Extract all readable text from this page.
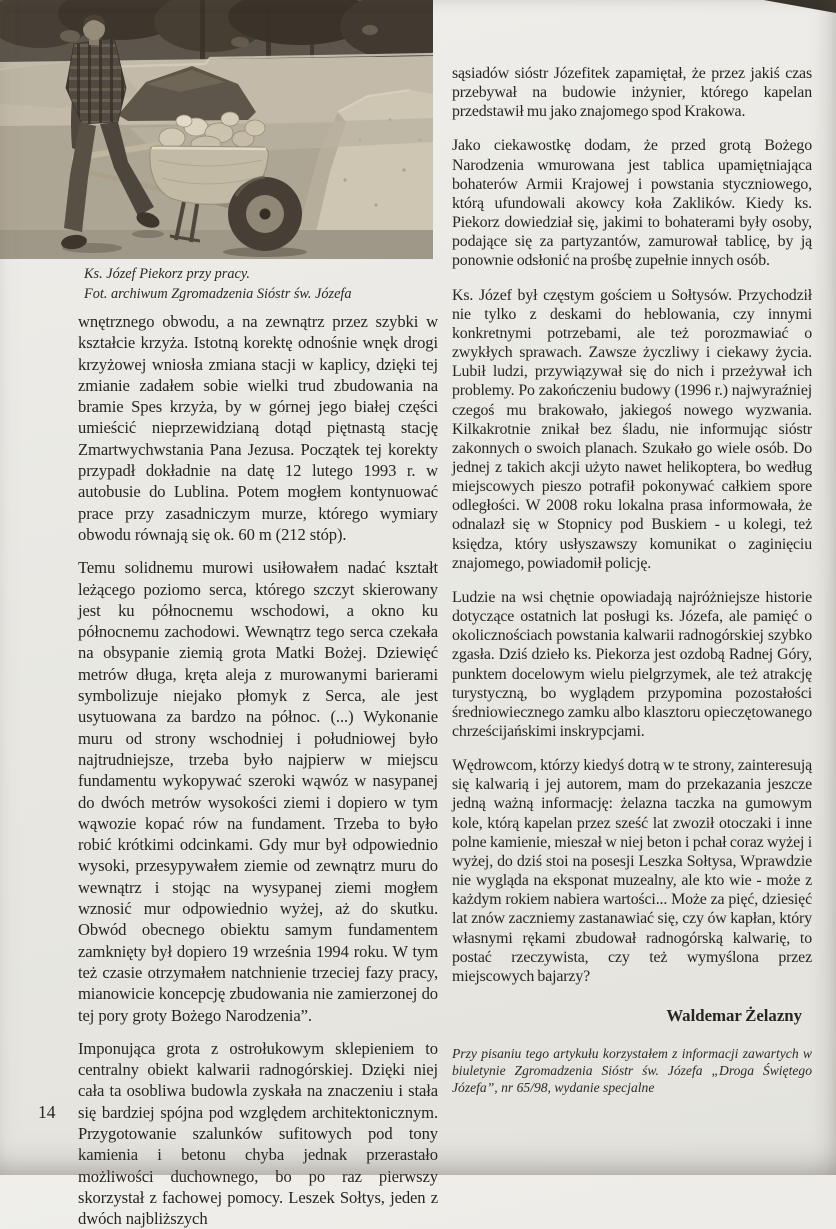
Ks. Józef Piekorz przy pracy.
Fot. archiwum Zgromadzenia Sióstr św. Józefa

wnętrznego obwodu, a na zewnątrz przez szybki w kształcie krzyża. Istotną korektę odnośnie wnęk drogi krzyżowej wniosła zmiana stacji w kaplicy, dzięki tej zmianie zadałem sobie wielki trud zbudowania na bramie Spes krzyża, by w górnej jego białej części umieścić nieprzewidzianą dotąd piętnastą stację Zmartwychwstania Pana Jezusa. Początek tej korekty przypadł dokładnie na datę 12 lutego 1993 r. w autobusie do Lublina. Potem mogłem kontynuować prace przy zasadniczym murze, którego wymiary obwodu równają się ok. 60 m (212 stóp).

Temu solidnemu murowi usiłowałem nadać kształt leżącego poziomo serca, którego szczyt skierowany jest ku północnemu wschodowi, a okno ku północnemu zachodowi. Wewnątrz tego serca czekała na obsypanie ziemią grota Matki Bożej. Dziewięć metrów długa, kręta aleja z murowanymi barierami symbolizuje niejako płomyk z Serca, ale jest usytuowana za bardzo na północ. (...) Wykonanie muru od strony wschodniej i południowej było najtrudniejsze, trzeba było najpierw w miejscu fundamentu wykopywać szeroki wąwóz w nasypanej do dwóch metrów wysokości ziemi i dopiero w tym wąwozie kopać rów na fundament. Trzeba to było robić krótkimi odcinkami. Gdy mur był odpowiednio wysoki, przesypywałem ziemie od zewnątrz muru do wewnątrz i stojąc na wysypanej ziemi mogłem wznosić mur odpowiednio wyżej, aż do skutku. Obwód obecnego obiektu samym fundamentem zamknięty był dopiero 19 września 1994 roku. W tym też czasie otrzymałem natchnienie trzeciej fazy pracy, mianowicie koncepcję zbudowania nie zamierzonej do tej pory groty Bożego Narodzenia”.

Imponująca grota z ostrołukowym sklepieniem to centralny obiekt kalwarii radnogórskiej. Dzięki niej cała ta osobliwa budowla zyskała na znaczeniu i stała się bardziej spójna pod względem architektonicznym. Przygotowanie szalunków sufitowych pod tony kamienia i betonu chyba jednak przerastało możliwości duchownego, bo po raz pierwszy skorzystał z fachowej pomocy. Leszek Sołtys, jeden z dwóch najbliższych

sąsiadów sióstr Józefitek zapamiętał, że przez jakiś czas przebywał na budowie inżynier, którego kapelan przedstawił mu jako znajomego spod Krakowa.

Jako ciekawostkę dodam, że przed grotą Bożego Narodzenia wmurowana jest tablica upamiętniająca bohaterów Armii Krajowej i powstania styczniowego, którą ufundowali akowcy koła Zaklików. Kiedy ks. Piekorz dowiedział się, jakimi to bohaterami były osoby, podające się za partyzantów, zamurował tablicę, by ją ponownie odsłonić na prośbę zupełnie innych osób.

Ks. Józef był częstym gościem u Sołtysów. Przychodził nie tylko z deskami do heblowania, czy innymi konkretnymi potrzebami, ale też porozmawiać o zwykłych sprawach. Zawsze życzliwy i ciekawy życia. Lubił ludzi, przywiązywał się do nich i przeżywał ich problemy. Po zakończeniu budowy (1996 r.) najwyraźniej czegoś mu brakowało, jakiegoś nowego wyzwania. Kilkakrotnie znikał bez śladu, nie informując sióstr zakonnych o swoich planach. Szukało go wiele osób. Do jednej z takich akcji użyto nawet helikoptera, bo według miejscowych pieszo potrafił pokonywać całkiem spore odległości. W 2008 roku lokalna prasa informowała, że odnalazł się w Stopnicy pod Buskiem - u kolegi, też księdza, który usłyszawszy komunikat o zaginięciu znajomego, powiadomił policję.

Ludzie na wsi chętnie opowiadają najróżniejsze historie dotyczące ostatnich lat posługi ks. Józefa, ale pamięć o okolicznościach powstania kalwarii radnogórskiej szybko zgasła. Dziś dzieło ks. Piekorza jest ozdobą Radnej Góry, punktem docelowym wielu pielgrzymek, ale też atrakcję turystyczną, bo wyglądem przypomina pozostałości średniowiecznego zamku albo klasztoru opieczętowanego chrześcijańskimi inskrypcjami.

Wędrowcom, którzy kiedyś dotrą w te strony, zainteresują się kalwarią i jej autorem, mam do przekazania jeszcze jedną ważną informację: żelazna taczka na gumowym kole, którą kapelan przez sześć lat zwoził otoczaki i inne polne kamienie, mieszał w niej beton i pchał coraz wyżej i wyżej, do dziś stoi na posesji Leszka Sołtysa, Wprawdzie nie wygląda na eksponat muzealny, ale kto wie - może z każdym rokiem nabiera wartości... Może za pięć, dziesięć lat znów zaczniemy zastanawiać się, czy ów kapłan, który własnymi rękami zbudował radnogórską kalwarię, to postać rzeczywista, czy też wymyślona przez miejscowych bajarzy?

Waldemar Żelazny
Przy pisaniu tego artykułu korzystałem z informacji zawartych w biuletynie Zgromadzenia Sióstr św. Józefa „Droga Świętego Józefa”, nr 65/98, wydanie specjalne
14
